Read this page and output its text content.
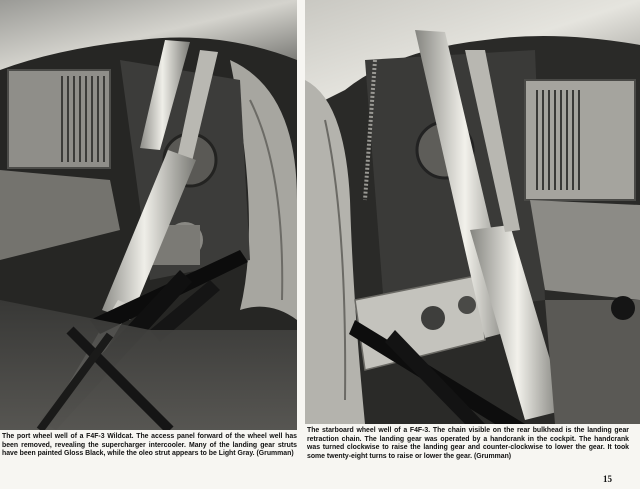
The port wheel well of a F4F-3 Wildcat. The access panel forward of the wheel well has been removed, revealing the supercharger intercooler. Many of the landing gear struts have been painted Gloss Black, while the oleo strut appears to be Light Gray. (Grumman)

The starboard wheel well of a F4F-3. The chain visible on the rear bulkhead is the landing gear retraction chain. The landing gear was operated by a handcrank in the cockpit. The handcrank was turned clockwise to raise the landing gear and counter-clockwise to lower the gear. It took some twenty-eight turns to raise or lower the gear. (Grumman)

15
